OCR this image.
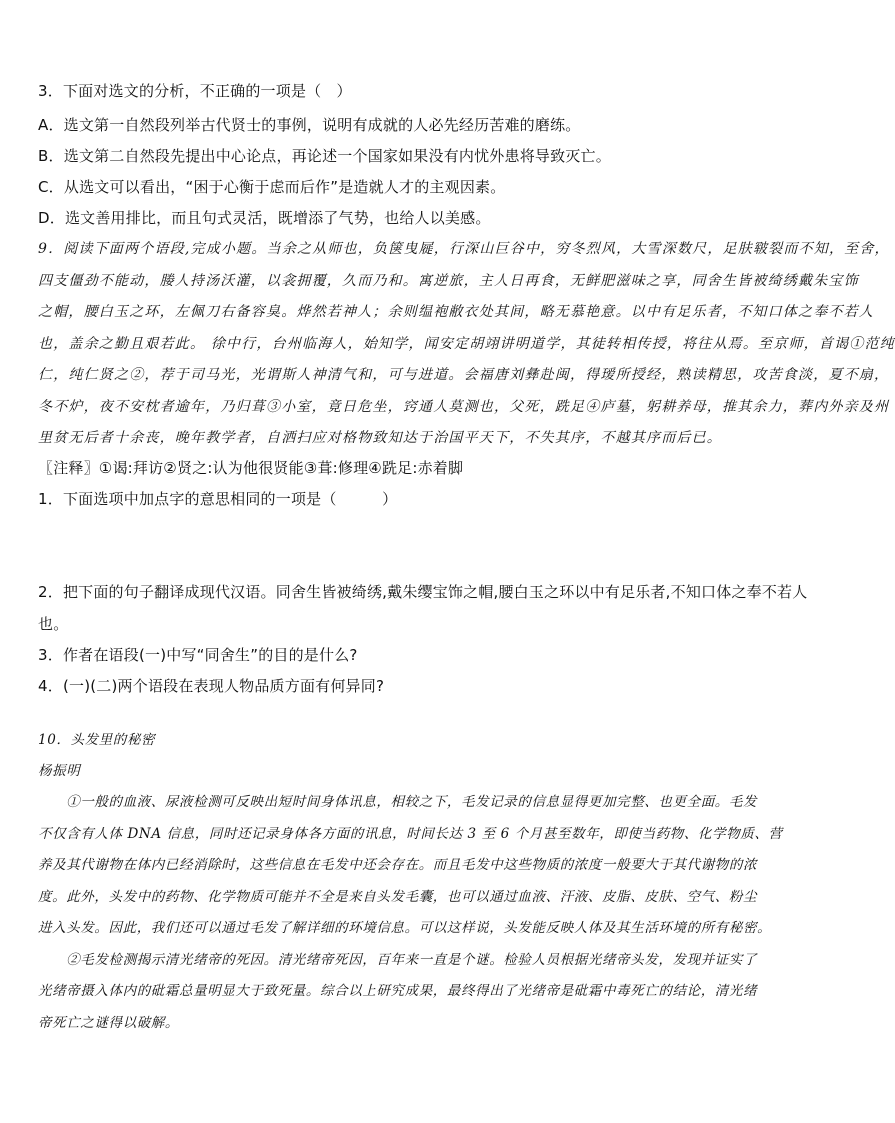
3．下面对选文的分析，不正确的一项是（　）
A．选文第一自然段列举古代贤士的事例，说明有成就的人必先经历苦难的磨练。
B．选文第二自然段先提出中心论点，再论述一个国家如果没有内忧外患将导致灭亡。
C．从选文可以看出，“困于心衡于虑而后作”是造就人才的主观因素。
D．选文善用排比，而且句式灵活，既增添了气势，也给人以美感。
9．阅读下面两个语段,完成小题。当余之从师也，负箧曳屣，行深山巨谷中，穷冬烈风，大雪深数尺，足肤皲裂而不知，至舍，
四支僵劲不能动，媵人持汤沃灌，以衾拥覆，久而乃和。寓逆旅，主人日再食，无鲜肥滋味之享，同舍生皆被绮绣戴朱宝饰
之帽，腰白玉之环，左佩刀右备容臭。烨然若神人；余则缊袍敝衣处其间，略无慕艳意。以中有足乐者，不知口体之奉不若人
也，盖余之勤且艰若此。 徐中行，台州临海人，始知学，闻安定胡翊讲明道学，其徒转相传授，将往从焉。至京师，首谒①范纯
仁，纯仁贤之②，荐于司马光，光谓斯人神清气和，可与进道。会福唐刘彝赴闽，得瑷所授经，熟读精思，攻苦食淡，夏不扇，
冬不炉，夜不安枕者逾年，乃归葺③小室，竟日危坐，窍通人莫测也，父死，跣足④庐墓，躬耕养母，推其余力，葬内外亲及州
里贫无后者十余丧，晚年教学者，自洒扫应对格物致知达于治国平天下，不失其序，不越其序而后已。
〖注释〗①谒:拜访②贤之:认为他很贤能③葺:修理④跣足:赤着脚
1．下面选项中加点字的意思相同的一项是（　　　）
2．把下面的句子翻译成现代汉语。同舍生皆被绮绣,戴朱缨宝饰之帽,腰白玉之环以中有足乐者,不知口体之奉不若人
也。
3．作者在语段(一)中写“同舍生”的目的是什么?
4．(一)(二)两个语段在表现人物品质方面有何异同?
10．头发里的秘密
杨振明
　　①一般的血液、尿液检测可反映出短时间身体讯息，相较之下，毛发记录的信息显得更加完整、也更全面。毛发
不仅含有人体 DNA 信息，同时还记录身体各方面的讯息，时间长达 3 至 6 个月甚至数年，即使当药物、化学物质、营
养及其代谢物在体内已经消除时，这些信息在毛发中还会存在。而且毛发中这些物质的浓度一般要大于其代谢物的浓
度。此外，头发中的药物、化学物质可能并不全是来自头发毛囊，也可以通过血液、汗液、皮脂、皮肤、空气、粉尘
进入头发。因此，我们还可以通过毛发了解详细的环境信息。可以这样说，头发能反映人体及其生活环境的所有秘密。
　　②毛发检测揭示清光绪帝的死因。清光绪帝死因，百年来一直是个谜。检验人员根据光绪帝头发，发现并证实了
光绪帝摄入体内的砒霜总量明显大于致死量。综合以上研究成果，最终得出了光绪帝是砒霜中毒死亡的结论，清光绪
帝死亡之谜得以破解。
